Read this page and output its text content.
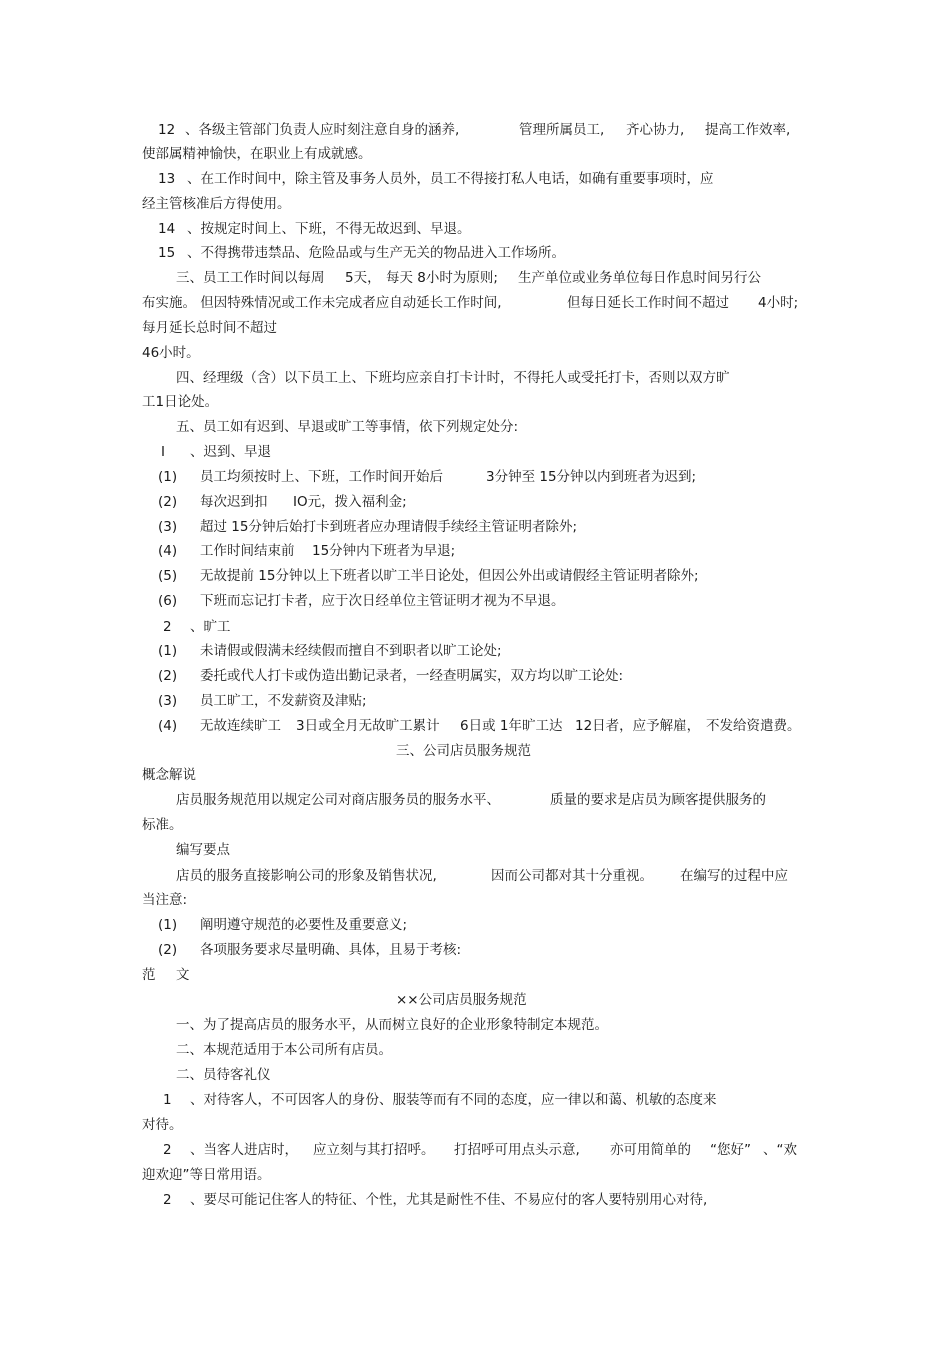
12 、各级主管部门负责人应时刻注意自身的涵养,	管理所属员工, 齐心协力, 提高工作效率,
使部属精神愉快，在职业上有成就感。
13 、在工作时间中，除主管及事务人员外，员工不得接打私人电话，如确有重要事项时，应
经主管核准后方得使用。
14 、按规定时间上、下班，不得无故迟到、早退。
15 、不得携带违禁品、危险品或与生产无关的物品进入工作场所。
三、员工工作时间以每周 5天， 每天 8小时为原则; 生产单位或业务单位每日作息时间另行公
布实施。 但因特殊情况或工作未完成者应自动延长工作时间,	但每日延长工作时间不超过 4小时;
每月延长总时间不超过
46小时。
四、经理级（含）以下员工上、下班均应亲自打卡计时，不得托人或受托打卡，否则以双方旷
工1日论处。
五、员工如有迟到、早退或旷工等事情，依下列规定处分:
I 、迟到、早退
(1) 员工均须按时上、下班，工作时间开始后	3分钟至 15分钟以内到班者为迟到;
(2) 每次迟到扣 IO元，拨入福利金;
(3) 超过 15分钟后始打卡到班者应办理请假手续经主管证明者除外;
(4) 工作时间结束前 15分钟内下班者为早退;
(5) 无故提前 15分钟以上下班者以旷工半日论处，但因公外出或请假经主管证明者除外;
(6) 下班而忘记打卡者，应于次日经单位主管证明才视为不早退。
2 、旷工
(1) 未请假或假满未经续假而擅自不到职者以旷工论处;
(2) 委托或代人打卡或伪造出勤记录者，一经查明属实，双方均以旷工论处:
(3) 员工旷工，不发薪资及津贴;
(4) 无故连续旷工 3日或全月无故旷工累计 6日或 1年旷工达 12日者，应予解雇， 不发给资遣费。
三、公司店员服务规范
概念解说
店员服务规范用以规定公司对商店服务员的服务水平、	质量的要求是店员为顾客提供服务的
标准。
编写要点
店员的服务直接影响公司的形象及销售状况,	因而公司都对其十分重视。 在编写的过程中应
当注意:
(1) 阐明遵守规范的必要性及重要意义;
(2) 各项服务要求尽量明确、具体，且易于考核:
范 文
××公司店员服务规范
一、为了提高店员的服务水平，从而树立良好的企业形象特制定本规范。
二、本规范适用于本公司所有店员。
二、员待客礼仪
1 、对待客人，不可因客人的身份、服装等而有不同的态度，应一律以和蔼、机敏的态度来
对待。
2 、当客人进店时， 应立刻与其打招呼。 打招呼可用点头示意, 亦可用简单的 “您好” 、“欢
迎欢迎”等日常用语。
2 、要尽可能记住客人的特征、个性，尤其是耐性不佳、不易应付的客人要特别用心对待,
